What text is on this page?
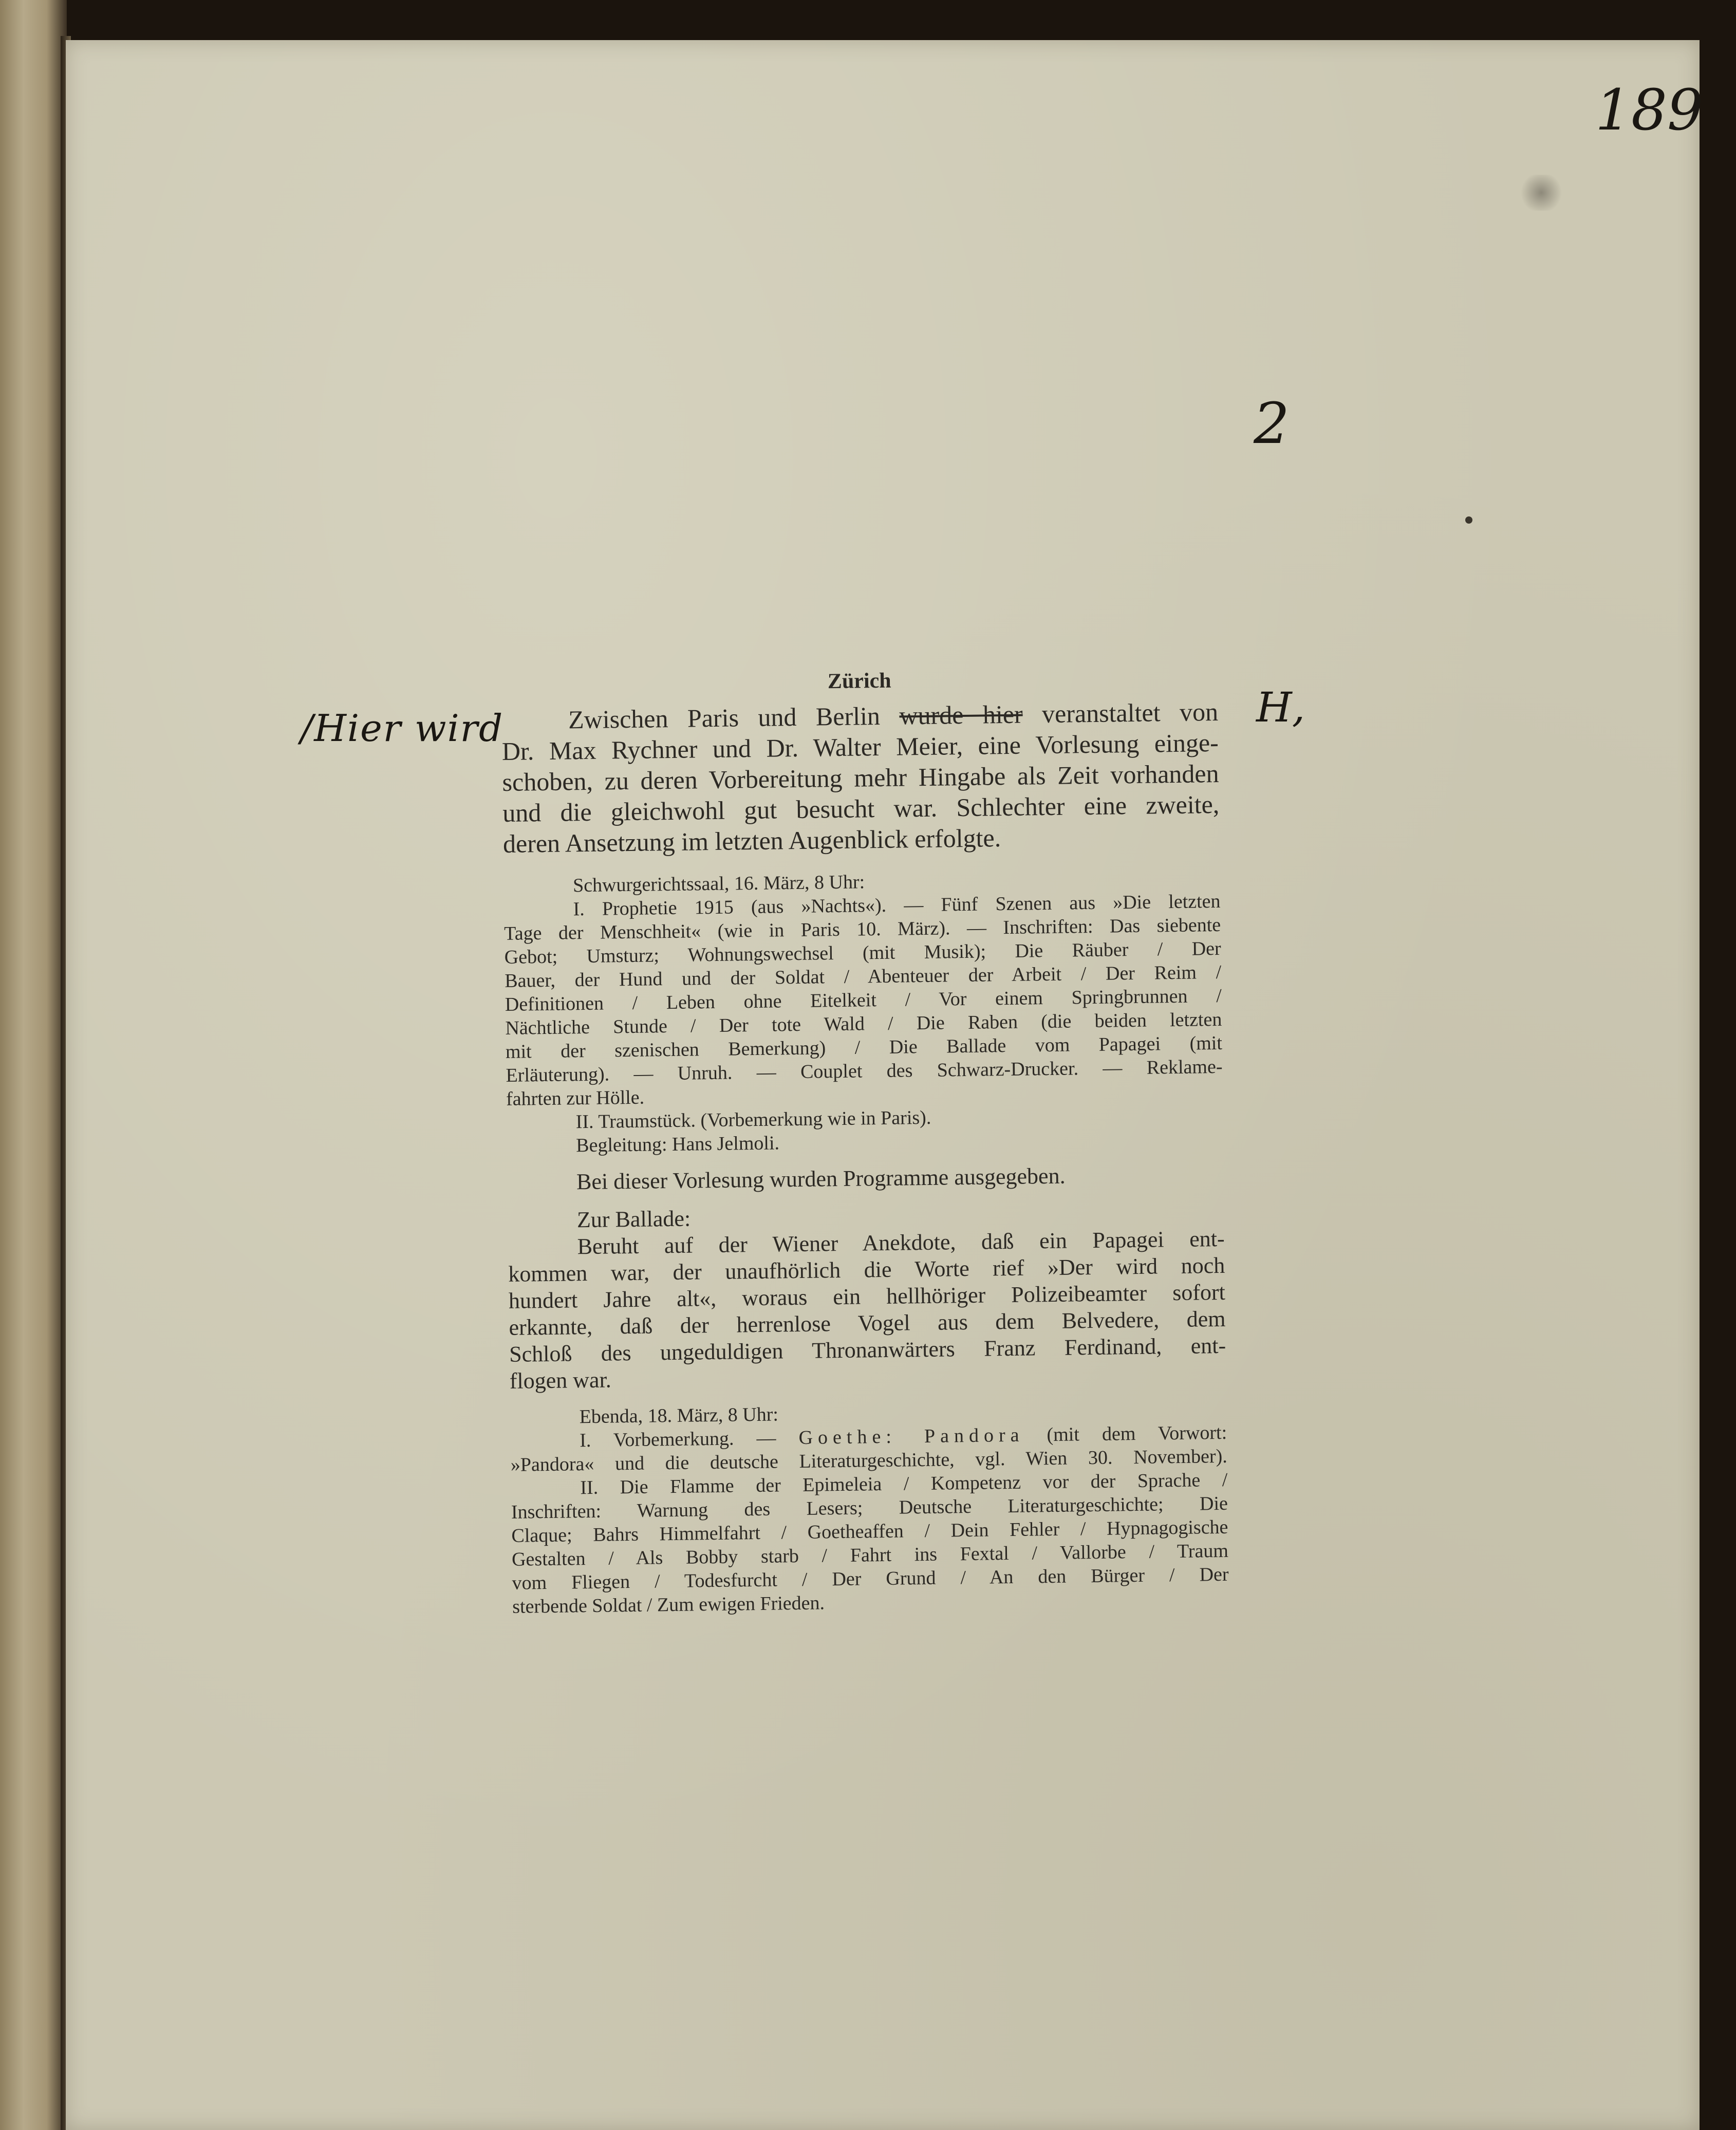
189
2
/Hier wird	H,
Zürich
Zwischen Paris und Berlin wurde hier veranstaltet von
Dr. Max Rychner und Dr. Walter Meier, eine Vorlesung einge-
schoben, zu deren Vorbereitung mehr Hingabe als Zeit vorhanden
und die gleichwohl gut besucht war. Schlechter eine zweite,
deren Ansetzung im letzten Augenblick erfolgte.
Schwurgerichtssaal, 16. März, 8 Uhr:
I. Prophetie 1915 (aus »Nachts«). — Fünf Szenen aus »Die letzten
Tage der Menschheit« (wie in Paris 10. März). — Inschriften: Das siebente
Gebot; Umsturz; Wohnungswechsel (mit Musik); Die Räuber / Der
Bauer, der Hund und der Soldat / Abenteuer der Arbeit / Der Reim /
Definitionen / Leben ohne Eitelkeit / Vor einem Springbrunnen /
Nächtliche Stunde / Der tote Wald / Die Raben (die beiden letzten
mit der szenischen Bemerkung) / Die Ballade vom Papagei (mit
Erläuterung). — Unruh. — Couplet des Schwarz-Drucker. — Reklame-
fahrten zur Hölle.
II. Traumstück. (Vorbemerkung wie in Paris).
Begleitung: Hans Jelmoli.
Bei dieser Vorlesung wurden Programme ausgegeben.
Zur Ballade:
Beruht auf der Wiener Anekdote, daß ein Papagei ent-
kommen war, der unaufhörlich die Worte rief »Der wird noch
hundert Jahre alt«, woraus ein hellhöriger Polizeibeamter sofort
erkannte, daß der herrenlose Vogel aus dem Belvedere, dem
Schloß des ungeduldigen Thronanwärters Franz Ferdinand, ent-
flogen war.
Ebenda, 18. März, 8 Uhr:
I. Vorbemerkung. — Goethe: Pandora (mit dem Vorwort:
»Pandora« und die deutsche Literaturgeschichte, vgl. Wien 30. November).
II. Die Flamme der Epimeleia / Kompetenz vor der Sprache /
Inschriften: Warnung des Lesers; Deutsche Literaturgeschichte; Die
Claque; Bahrs Himmelfahrt / Goetheaffen / Dein Fehler / Hypnagogische
Gestalten / Als Bobby starb / Fahrt ins Fextal / Vallorbe / Traum
vom Fliegen / Todesfurcht / Der Grund / An den Bürger / Der
sterbende Soldat / Zum ewigen Frieden.
